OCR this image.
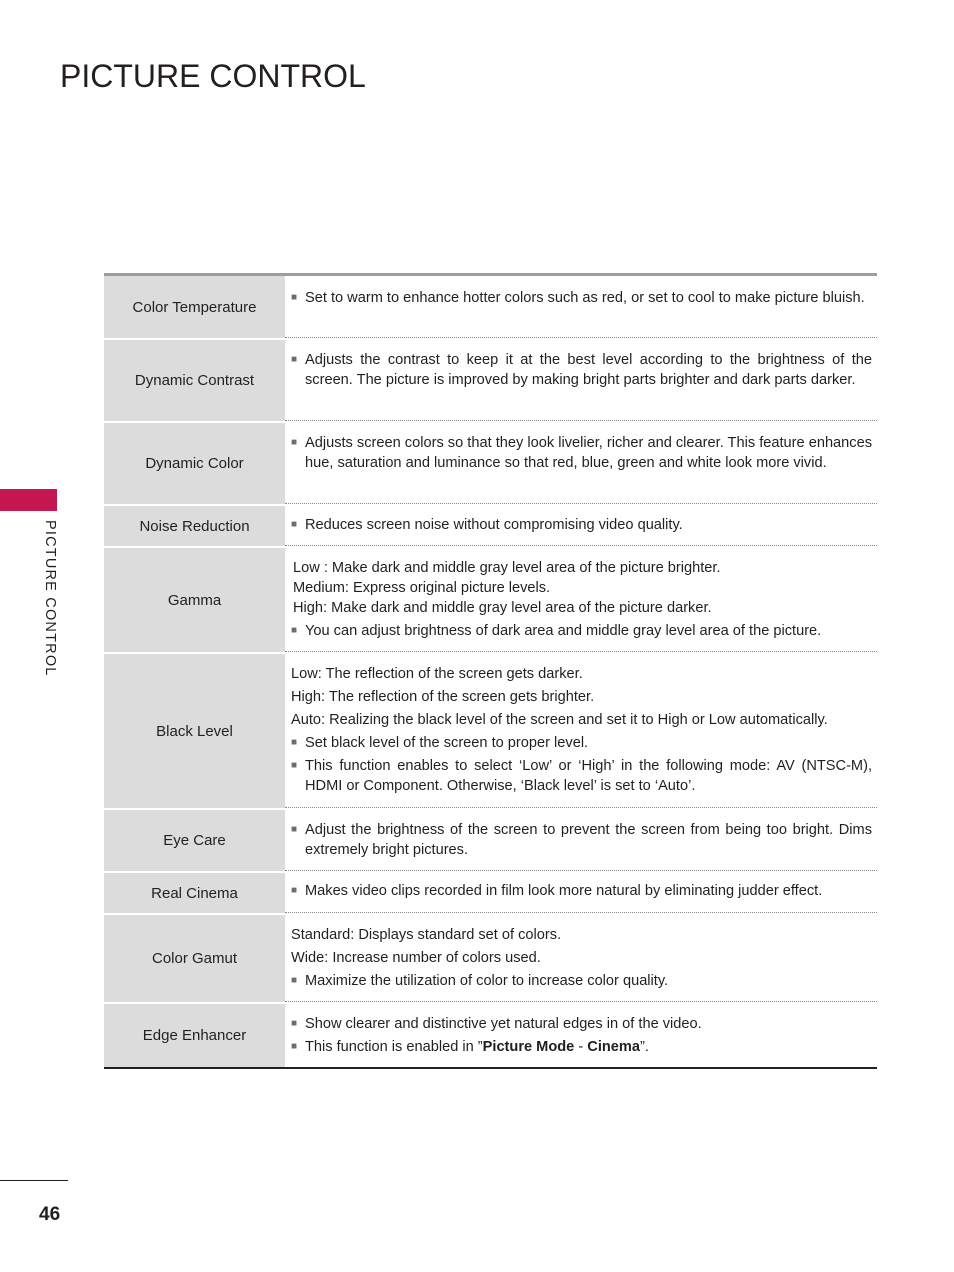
PICTURE CONTROL
PICTURE CONTROL
Color Temperature
■ Set to warm to enhance hotter colors such as red, or set to cool to make picture bluish.
Dynamic Contrast
■ Adjusts the contrast to keep it at the best level according to the brightness of the screen. The picture is improved by making bright parts brighter and dark parts darker.
Dynamic Color
■ Adjusts screen colors so that they look livelier, richer and clearer. This feature enhances hue, saturation and luminance so that red, blue, green and white look more vivid.
Noise Reduction	■ Reduces screen noise without compromising video quality.
Gamma
Low : Make dark and middle gray level area of the picture brighter.
Medium: Express original picture levels.
High: Make dark and middle gray level area of the picture darker.
■ You can adjust brightness of dark area and middle gray level area of the picture.
Black Level
Low: The reflection of the screen gets darker.
High: The reflection of the screen gets brighter.
Auto: Realizing the black level of the screen and set it to High or Low automatically.
■ Set black level of the screen to proper level.
■ This function enables to select ‘Low’ or ‘High’ in the following mode: AV (NTSC-M), HDMI or Component. Otherwise, ‘Black level’ is set to ‘Auto’.
Eye Care
■ Adjust the brightness of the screen to prevent the screen from being too bright. Dims extremely bright pictures.
Real Cinema	■ Makes video clips recorded in film look more natural by eliminating judder effect.
Color Gamut
Standard: Displays standard set of colors.
Wide: Increase number of colors used.
■ Maximize the utilization of color to increase color quality.
Edge Enhancer
■ Show clearer and distinctive yet natural edges in of the video.
■ This function is enabled in ”Picture Mode - Cinema”.
46
